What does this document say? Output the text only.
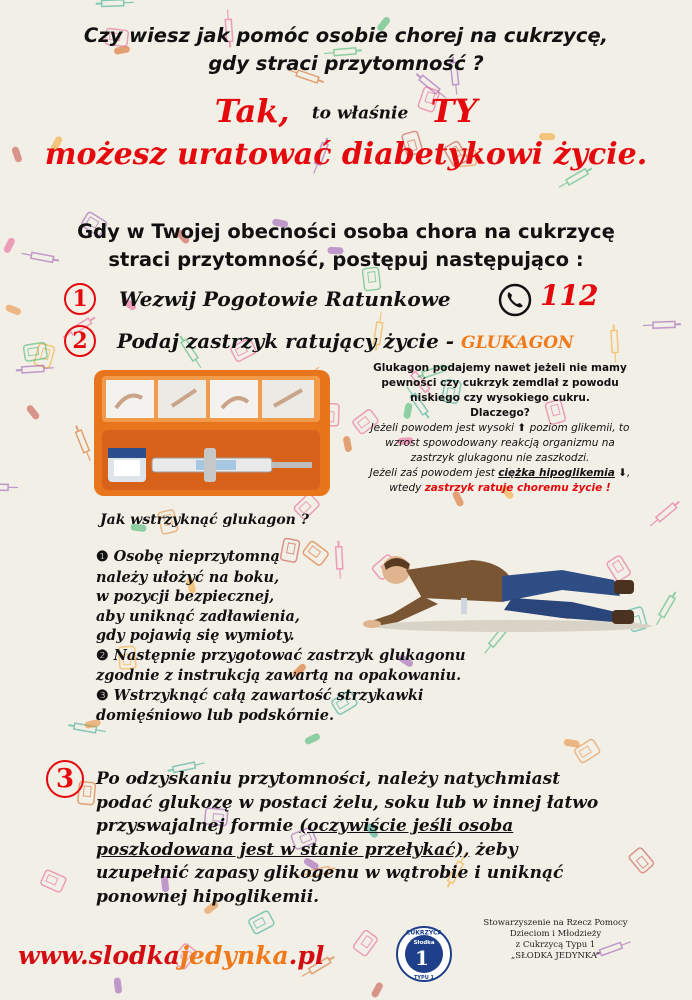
Czy wiesz jak pomóc osobie chorej na cukrzycę,
gdy straci przytomność ?
Tak, to właśnie TY
możesz uratować diabetykowi życie.
Gdy w Twojej obecności osoba chora na cukrzycę
straci przytomność, postępuj następująco :
1 Wezwij Pogotowie Ratunkowe	112
2 Podaj zastrzyk ratujący życie - GLUKAGON
Glukagon podajemy nawet jeżeli nie mamy
pewności czy cukrzyk zemdlał z powodu
niskiego czy wysokiego cukru.
Dlaczego?
Jeżeli powodem jest wysoki ⬆ poziom glikemii, to
wzrost spowodowany reakcją organizmu na
zastrzyk glukagonu nie zaszkodzi.
Jeżeli zaś powodem jest ciężka hipoglikemia ⬇,
wtedy zastrzyk ratuje choremu życie !
Jak wstrzyknąć glukagon ?
❶ Osobę nieprzytomną
należy ułożyć na boku,
w pozycji bezpiecznej,
aby uniknąć zadławienia,
gdy pojawią się wymioty.
❷ Następnie przygotować zastrzyk glukagonu
zgodnie z instrukcją zawartą na opakowaniu.
❸ Wstrzyknąć całą zawartość strzykawki
domięśniowo lub podskórnie.
3	Po odzyskaniu przytomności, należy natychmiast
podać glukozę w postaci żelu, soku lub w innej łatwo
przyswajalnej formie (oczywiście jeśli osoba
poszkodowana jest w stanie przełykać), żeby
uzupełnić zapasy glikogenu w wątrobie i uniknąć
ponownej hipoglikemii.
www.slodkajedynka.pl
CUKRZYCA
Słodka
1
TYPU 1
Stowarzyszenie na Rzecz Pomocy
Dzieciom i Młodzieży
z Cukrzycą Typu 1
„SŁODKA JEDYNKA”
